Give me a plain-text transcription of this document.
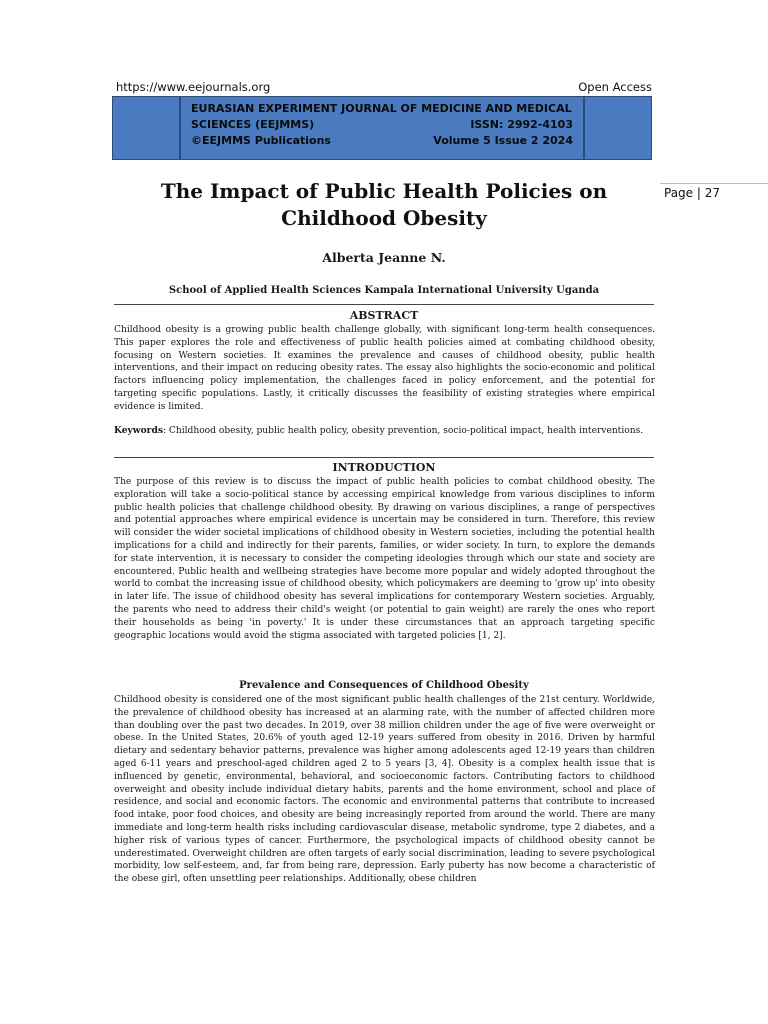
https://www.eejournals.org	Open Access
EURASIAN EXPERIMENT JOURNAL OF MEDICINE AND MEDICAL
SCIENCES (EEJMMS)	ISSN: 2992-4103
©EEJMMS Publications	Volume 5 Issue 2 2024
Page | 27
The Impact of Public Health Policies on Childhood Obesity
Alberta Jeanne N.
School of Applied Health Sciences Kampala International University Uganda
ABSTRACT
Childhood obesity is a growing public health challenge globally, with significant long-term health consequences. This paper explores the role and effectiveness of public health policies aimed at combating childhood obesity, focusing on Western societies. It examines the prevalence and causes of childhood obesity, public health interventions, and their impact on reducing obesity rates. The essay also highlights the socio-economic and political factors influencing policy implementation, the challenges faced in policy enforcement, and the potential for targeting specific populations. Lastly, it critically discusses the feasibility of existing strategies where empirical evidence is limited.
Keywords: Childhood obesity, public health policy, obesity prevention, socio-political impact, health interventions.
INTRODUCTION
The purpose of this review is to discuss the impact of public health policies to combat childhood obesity. The exploration will take a socio-political stance by accessing empirical knowledge from various disciplines to inform public health policies that challenge childhood obesity. By drawing on various disciplines, a range of perspectives and potential approaches where empirical evidence is uncertain may be considered in turn. Therefore, this review will consider the wider societal implications of childhood obesity in Western societies, including the potential health implications for a child and indirectly for their parents, families, or wider society. In turn, to explore the demands for state intervention, it is necessary to consider the competing ideologies through which our state and society are encountered. Public health and wellbeing strategies have become more popular and widely adopted throughout the world to combat the increasing issue of childhood obesity, which policymakers are deeming to 'grow up' into obesity in later life. The issue of childhood obesity has several implications for contemporary Western societies. Arguably, the parents who need to address their child's weight (or potential to gain weight) are rarely the ones who report their households as being 'in poverty.' It is under these circumstances that an approach targeting specific geographic locations would avoid the stigma associated with targeted policies [1, 2].
Prevalence and Consequences of Childhood Obesity
Childhood obesity is considered one of the most significant public health challenges of the 21st century. Worldwide, the prevalence of childhood obesity has increased at an alarming rate, with the number of affected children more than doubling over the past two decades. In 2019, over 38 million children under the age of five were overweight or obese. In the United States, 20.6% of youth aged 12-19 years suffered from obesity in 2016. Driven by harmful dietary and sedentary behavior patterns, prevalence was higher among adolescents aged 12-19 years than children aged 6-11 years and preschool-aged children aged 2 to 5 years [3, 4]. Obesity is a complex health issue that is influenced by genetic, environmental, behavioral, and socioeconomic factors. Contributing factors to childhood overweight and obesity include individual dietary habits, parents and the home environment, school and place of residence, and social and economic factors. The economic and environmental patterns that contribute to increased food intake, poor food choices, and obesity are being increasingly reported from around the world. There are many immediate and long-term health risks including cardiovascular disease, metabolic syndrome, type 2 diabetes, and a higher risk of various types of cancer. Furthermore, the psychological impacts of childhood obesity cannot be underestimated. Overweight children are often targets of early social discrimination, leading to severe psychological morbidity, low self-esteem, and, far from being rare, depression. Early puberty has now become a characteristic of the obese girl, often unsettling peer relationships. Additionally, obese children
